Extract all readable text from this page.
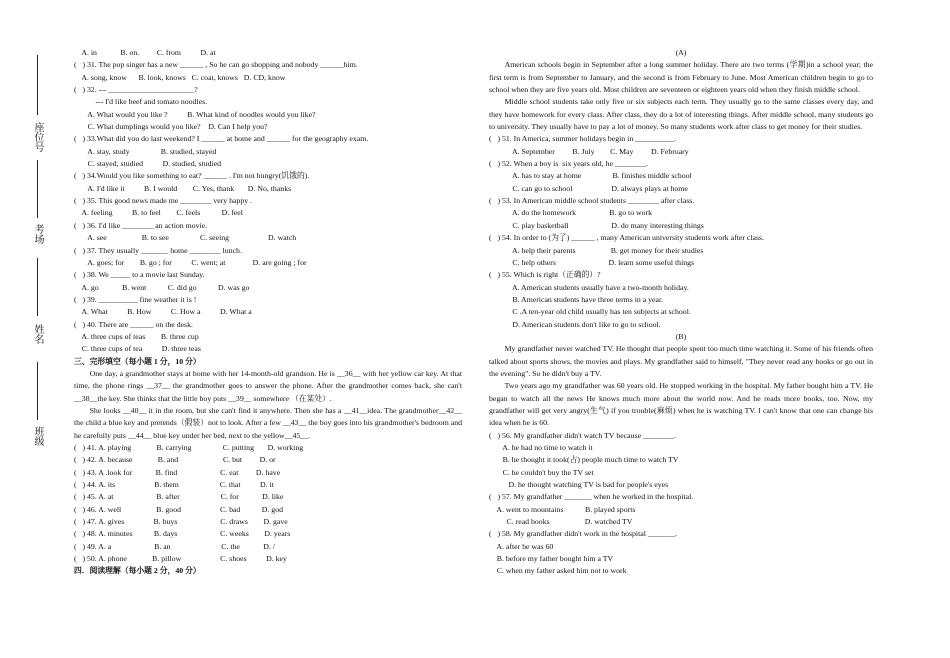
座位号
考场
姓名
班级
A. in            B. on.         C. from          D. at
(   ) 31. The pop singer has a new ______ , So he can go shopping and nobody ______him.
A. song, know      B. look, knows   C. coat, knows   D. CD, know
(   ) 32. --- ______________________?
--- I'd like beef and tomato noodles.
A. What would you like ?          B. What kind of noodles would you like?
C. What dumplings would you like?    D. Can I help you?
(   ) 33.What did you do last weekend? I ______ at home and ______ for the geography exam.
A. stay, study                B. studied, stayed
C. stayed, studied          D. studied, studied
(   ) 34.Would you like something to eat? ______ . I'm not hungry(饥饿的).
A. I'd like it          B. I would        C. Yes, thank       D. No, thanks
(   ) 35. This good news made me ________ very happy .
A. feeling          B. to feel        C. feels           D. feel
(   ) 36. I'd like ________ an action movie.
A. see                  B. to see                C. seeing                    D. watch
(   ) 37. They usually _______ home ________ lunch.
A. goes; for        B. go ; for          C. went; at              D. are going ; for
(   ) 38. We _____ to a movie last Sunday.
A. go            B. went           C. did go           D. was go
(   ) 39. __________ fine weather it is !
A. What          B. How          C. How a          D. What a
(   ) 40. There are ______ on the desk.
A. three cups of teas        B. three cup
C. three cups of tea          D. three teas
三、完形填空（每小题 1 分，10 分）
One day, a grandmother stays at home with her 14-month-old grandson. He is __36__ with her yellow car key. At that time, the phone rings __37__ the grandmother goes to answer the phone. After the grandmother comes back, she can't __38__the key. She thinks that the little boy puts __39__ somewhere （在某处）.
She looks __40__ it in the room, but she can't find it anywhere. Then she has a __41__idea. The grandmother__42__ the child a blue key and pretends（假装）not to look. After a few __43__ the boy goes into his grandmother's bedroom and he carefully puts __44__ blue key under her bed, next to the yellow__45__.
(   ) 41. A. playing             B. carrying                C. putting       D. working
(   ) 42. A. because             B. and                       C. but         D. or
(   ) 43. A .look for            B. find                      C. eat         D. have
(   ) 44. A. its                    B. them                     C. that          D. it
(   ) 45. A. at                      B. after                     C. for            D. like
(   ) 46. A. well                  B. good                    C. bad           D. god
(   ) 47. A. gives               B. buys                      C. draws        D. gave
(   ) 48. A. minutes           B. days                      C. weeks        D. years
(   ) 49. A. a                      B. an                          C. the            D. /
(   ) 50. A. phone             B. pillow                    C. shoes          D. key
四．阅读理解（每小题 2 分，40 分）
(A)
American schools begin in September after a long summer holiday. There are two terms (学期)in a school year; the first term is from September to January, and the second is from February to June. Most American children begin to go to school when they are five years old. Most children are seventeen or eighteen years old when they finish middle school.
Middle school students take only five or six subjects each term. They usually go to the same classes every day, and they have homework for every class. After class, they do a lot of interesting things. After middle school, many students go to university. They usually have to pay a lot of money. So many students work after class to get money for their studies.
(   ) 51. In America, summer holidays begin in __________.
A. September         B. July        C. May         D. February
(   ) 52. When a boy is  six years old, he ________.
A. has to stay at home                B. finishes middle school
C. can go to school                    D. always plays at home
(   ) 53. In American middle school students ________ after class.
A. do the homework                 B. go to work
C. play basketball                      D. do many interesting things
(   ) 54. In order to (为了) ______ , many American university students work after class.
A. help their parents                  B. get money for their studies
C. help others                           D. learn some useful things
(   ) 55. Which is right（正确的）?
A. American students usually have a two-month holiday.
B. American students have three terms in a year.
C .A ten-year old child usually has ten subjects at school.
D. American students don't like to go to school.
(B)
My grandfather never watched TV. He thought that people spent too much time watching it. Some of his friends often talked about sports shows, the movies and plays. My grandfather said to himself, "They never read any books or go out in the evening". So he didn't buy a TV.
Two years ago my grandfather was 60 years old. He stopped working in the hospital. My father bought him a TV. He began to watch all the news He knows much more about the world now. And he reads more books, too. Now, my grandfather will get very angry(生气) if you trouble(麻烦) when he is watching TV. I can't know that one can change his idea when he is 60.
(   ) 56. My grandfather didn't watch TV because ________.
A. he had no time to watch it
B. he thought it took(占) people much time to watch TV
C. he couldn't buy the TV set
D. he thought watching TV is bad for people's eyes
(   ) 57. My grandfather _______ when he worked in the hospital.
A. went to mountains           B. played sports
C. read books                  D. watched TV
(   ) 58. My grandfather didn't work in the hospital _______.
A. after he was 60
B. before my father bought him a TV
C. when my father asked him not to work
